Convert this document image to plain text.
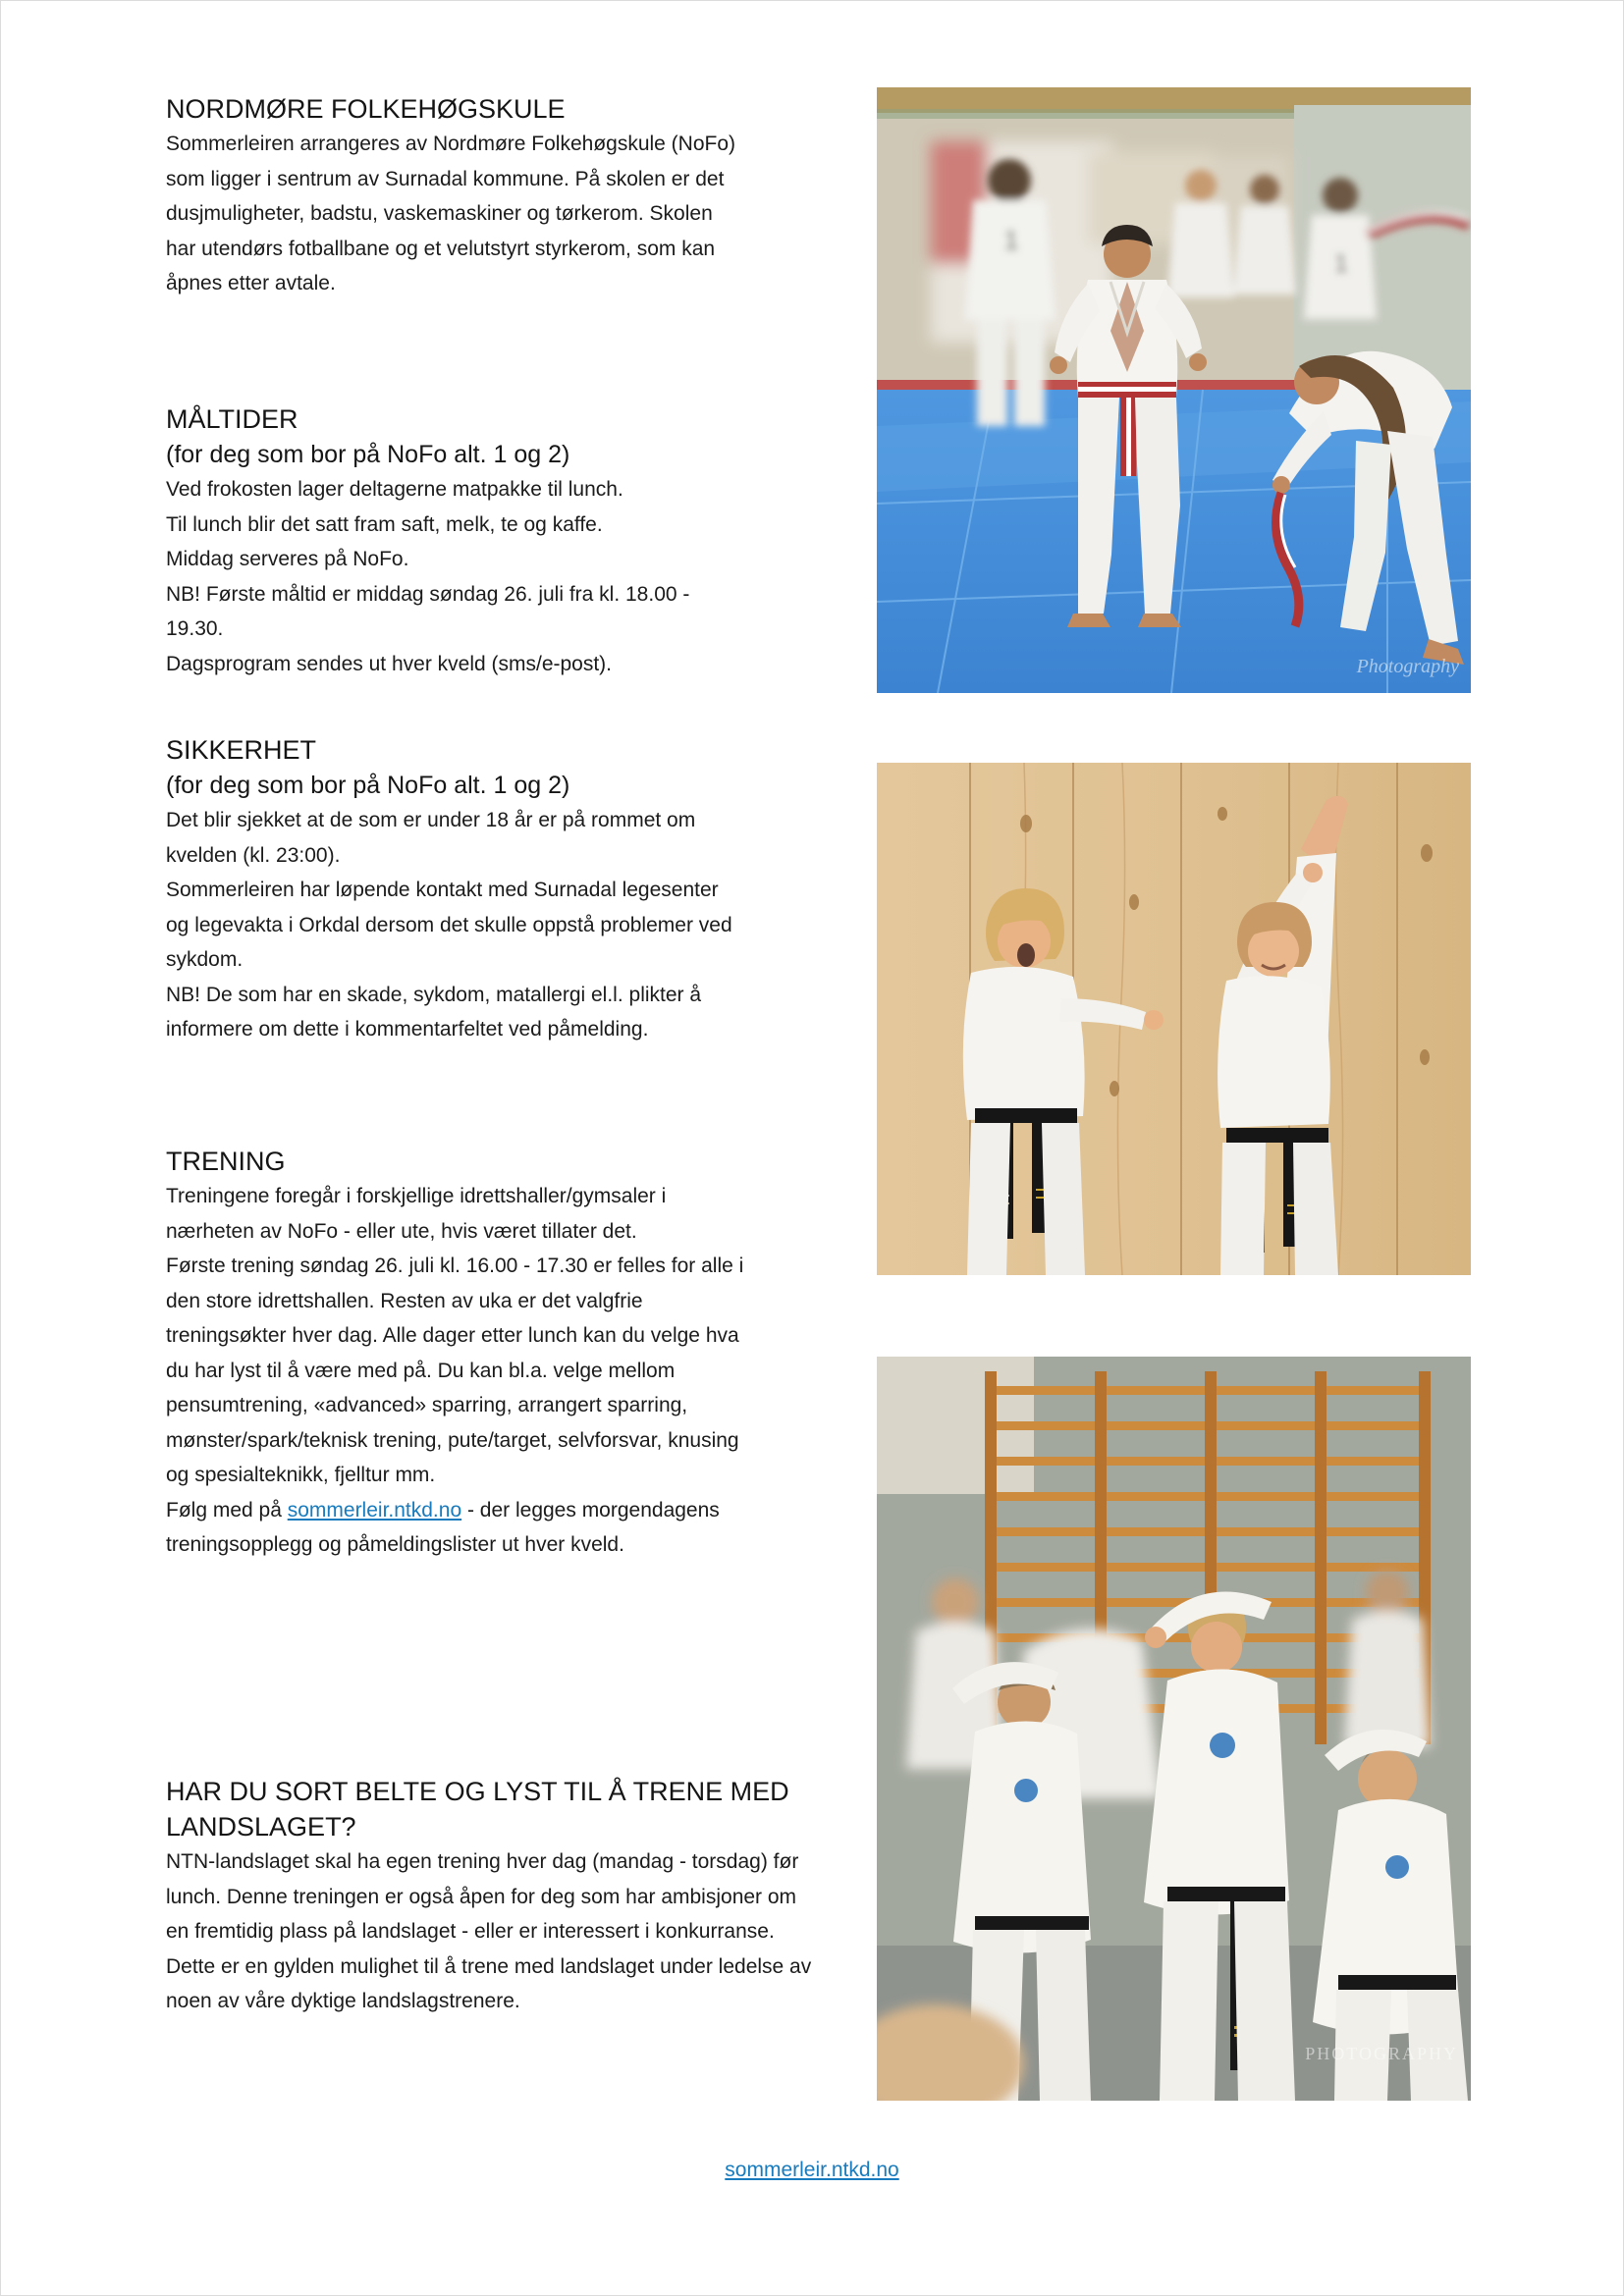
NORDMØRE FOLKEHØGSKULE

Sommerleiren arrangeres av Nordmøre Folkehøgskule (NoFo) som ligger i sentrum av Surnadal kommune. På skolen er det dusjmuligheter, badstu, vaskemaskiner og tørkerom. Skolen har utendørs fotballbane og et velutstyrt styrkerom, som kan åpnes etter avtale.

MÅLTIDER
(for deg som bor på NoFo alt. 1 og 2)

Ved frokosten lager deltagerne matpakke til lunch.

Til lunch blir det satt fram saft, melk, te og kaffe.

Middag serveres på NoFo.

NB! Første måltid er middag søndag 26. juli fra kl. 18.00 - 19.30.

Dagsprogram sendes ut hver kveld (sms/e-post).

SIKKERHET
(for deg som bor på NoFo alt. 1 og 2)

Det blir sjekket at de som er under 18 år er på rommet om kvelden (kl. 23:00).

Sommerleiren har løpende kontakt med Surnadal legesenter og legevakta i Orkdal dersom det skulle oppstå problemer ved sykdom.

NB! De som har en skade, sykdom, matallergi el.l. plikter å informere om dette i kommentarfeltet ved påmelding.

TRENING

Treningene foregår i forskjellige idrettshaller/gymsaler i nærheten av NoFo - eller ute, hvis været tillater det.

Første trening søndag 26. juli kl. 16.00 - 17.30 er felles for alle i den store idrettshallen. Resten av uka er det valgfrie treningsøkter hver dag. Alle dager etter lunch kan du velge hva du har lyst til å være med på. Du kan bl.a. velge mellom pensumtrening, «advanced» sparring, arrangert sparring, mønster/spark/teknisk trening, pute/target, selvforsvar, knusing og spesialteknikk, fjelltur mm.

Følg med på sommerleir.ntkd.no - der legges morgendagens treningsopplegg og påmeldingslister ut hver kveld.

HAR DU SORT BELTE OG LYST TIL Å TRENE MED LANDSLAGET?

NTN-landslaget skal ha egen trening hver dag (mandag - torsdag) før lunch. Denne treningen er også åpen for deg som har ambisjoner om en fremtidig plass på landslaget - eller er interessert i konkurranse. Dette er en gylden mulighet til å trene med landslaget under ledelse av noen av våre dyktige landslagstrenere.

1
1
Photography
PHOTOGRAPHY
sommerleir.ntkd.no
